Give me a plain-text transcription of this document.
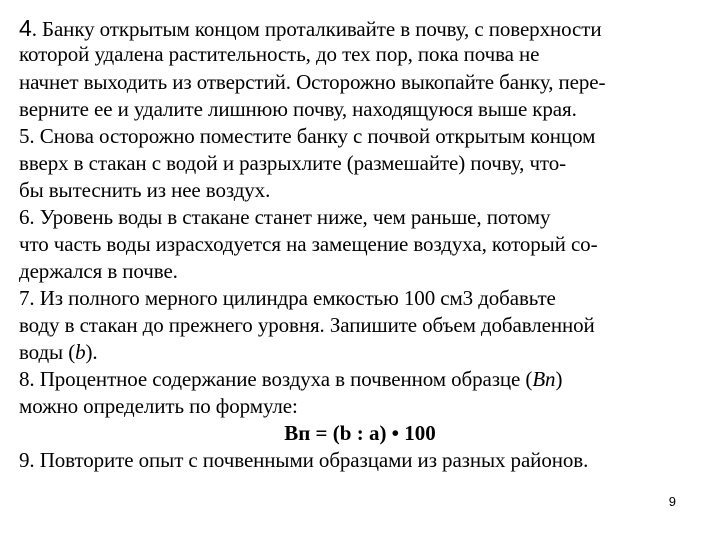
4. Банку открытым концом проталкивайте в почву, с поверхности
которой удалена растительность, до тех пор, пока почва не
начнет выходить из отверстий. Осторожно выкопайте банку, пере-
верните ее и удалите лишнюю почву, находящуюся выше края.
5. Снова осторожно поместите банку с почвой открытым концом
вверх в стакан с водой и разрыхлите (размешайте) почву, что-
бы вытеснить из нее воздух.
6. Уровень воды в стакане станет ниже, чем раньше, потому
что часть воды израсходуется на замещение воздуха, который со-
держался в почве.
7. Из полного мерного цилиндра емкостью 100 см3 добавьте
воду в стакан до прежнего уровня. Запишите объем добавленной
воды (b).
8. Процентное содержание воздуха в почвенном образце (Вп)
можно определить по формуле:
Вп = (b : a) • 100
9. Повторите опыт с почвенными образцами из разных районов.
9
